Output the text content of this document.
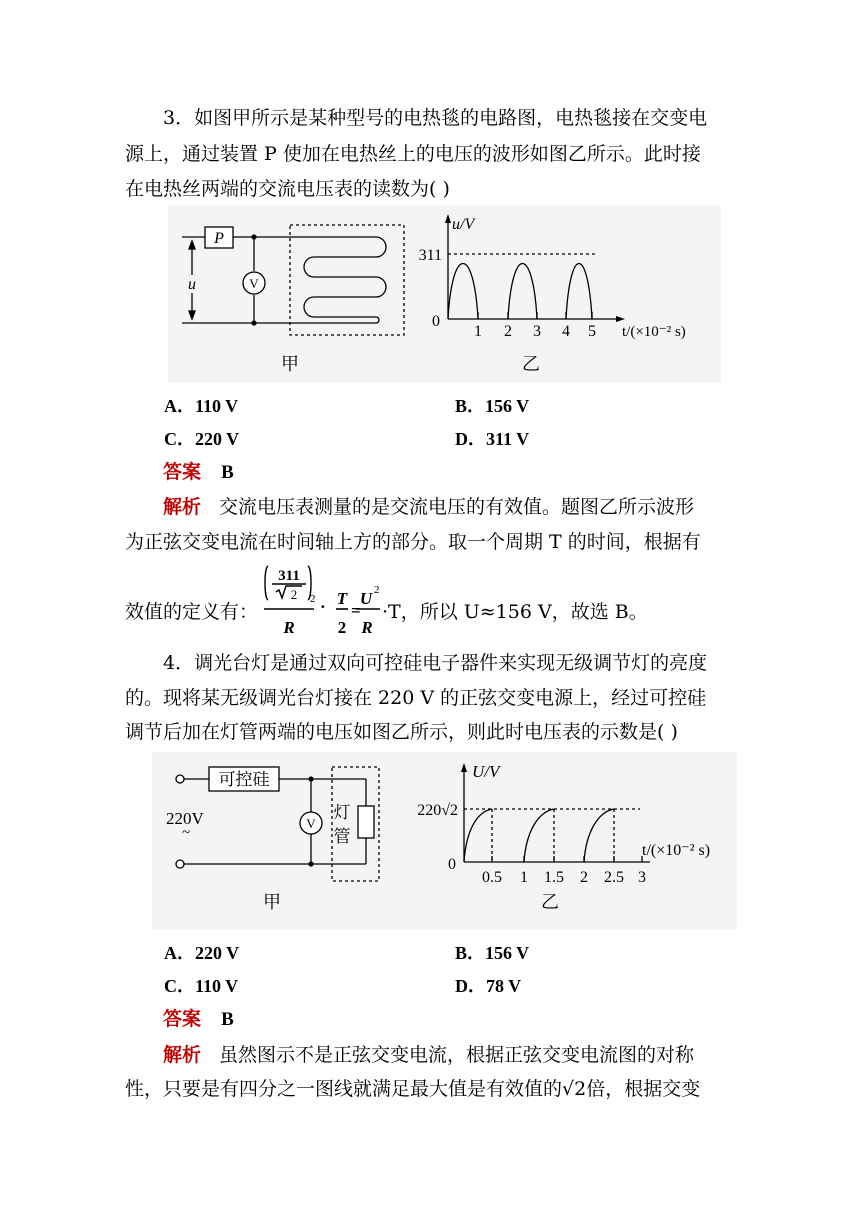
3．如图甲所示是某种型号的电热毯的电路图，电热毯接在交变电
源上，通过装置 P 使加在电热丝上的电压的波形如图乙所示。此时接
在电热丝两端的交流电压表的读数为( )
P
V
u
甲
u/V
311
0
1 2 3 4 5 t/(×10⁻² s)
乙
A．110 V	B．156 V
C．220 V	D．311 V
答案 B
解析 交流电压表测量的是交流电压的有效值。题图乙所示波形
为正弦交变电流在时间轴上方的部分。取一个周期 T 的时间，根据有
效值的定义有：
311
2 2
R
· T
2
=
U 2
R
·T，所以 U≈156 V，故选 B。
4．调光台灯是通过双向可控硅电子器件来实现无级调节灯的亮度
的。现将某无级调光台灯接在 220 V 的正弦交变电源上，经过可控硅
调节后加在灯管两端的电压如图乙所示，则此时电压表的示数是( )
可控硅
220V
~
V
灯
管
甲
U/V
220√2
0
0.5 1 1.5 2 2.5 3
t/(×10⁻² s)
乙
A．220 V	B．156 V
C．110 V	D．78 V
答案 B
解析 虽然图示不是正弦交变电流，根据正弦交变电流图的对称
性，只要是有四分之一图线就满足最大值是有效值的√2倍，根据交变
